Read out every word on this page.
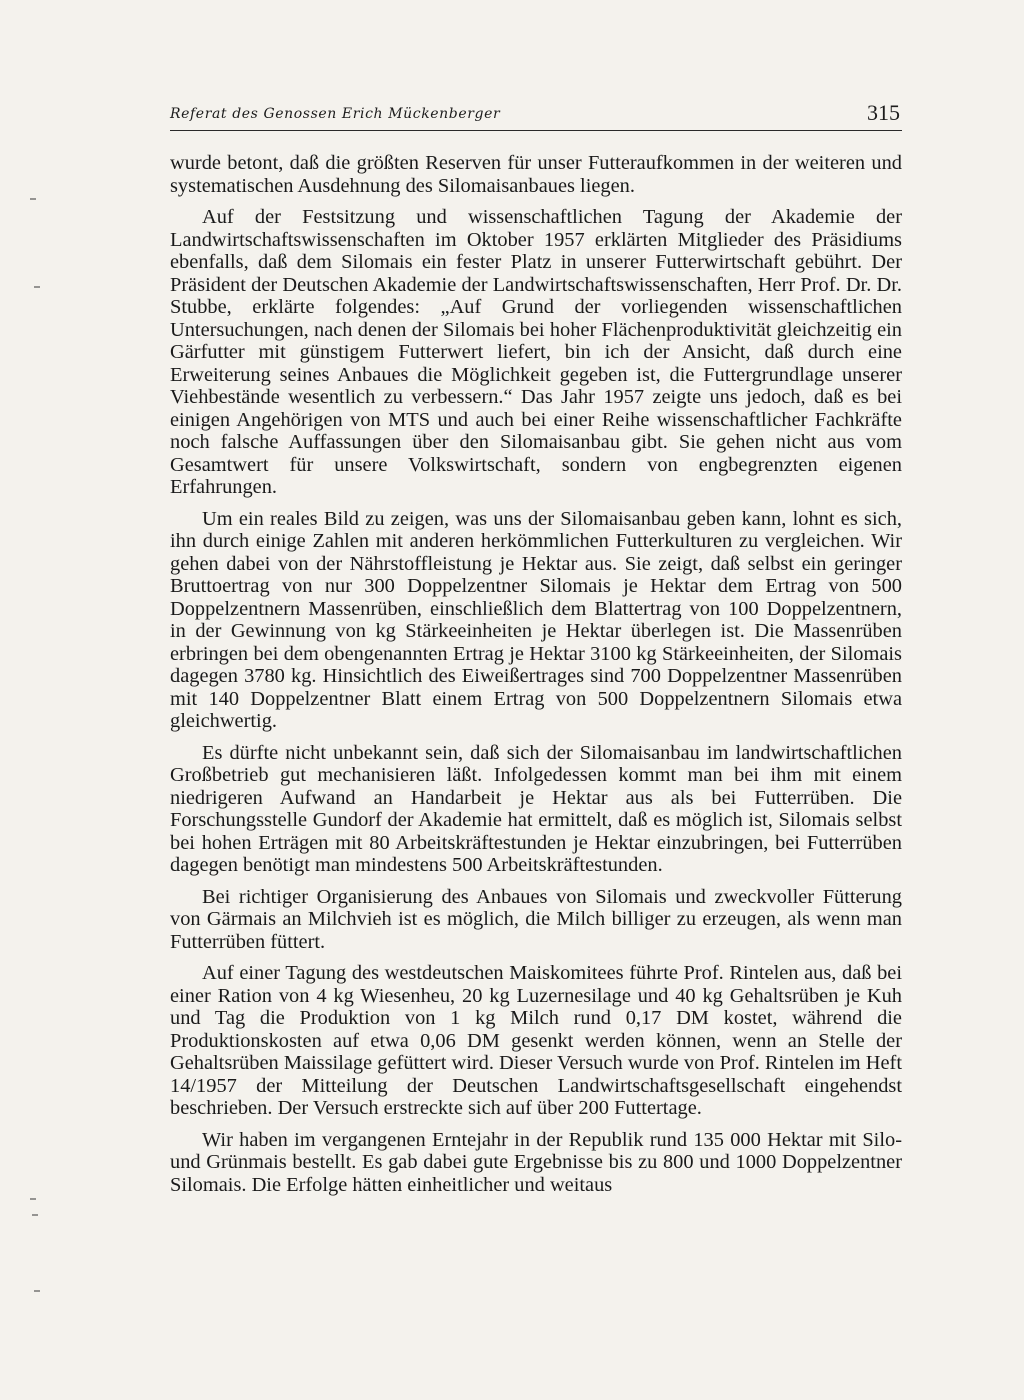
Referat des Genossen Erich Mückenberger	315

wurde betont, daß die größten Reserven für unser Futteraufkommen in der weiteren und systematischen Ausdehnung des Silomaisanbaues liegen.

Auf der Festsitzung und wissenschaftlichen Tagung der Akademie der Landwirtschaftswissenschaften im Oktober 1957 erklärten Mitglieder des Präsidiums ebenfalls, daß dem Silomais ein fester Platz in unserer Futterwirtschaft gebührt. Der Präsident der Deutschen Akademie der Landwirtschaftswissenschaften, Herr Prof. Dr. Dr. Stubbe, erklärte folgendes: „Auf Grund der vorliegenden wissenschaftlichen Untersuchungen, nach denen der Silomais bei hoher Flächenproduktivität gleichzeitig ein Gärfutter mit günstigem Futterwert liefert, bin ich der Ansicht, daß durch eine Erweiterung seines Anbaues die Möglichkeit gegeben ist, die Futtergrundlage unserer Viehbestände wesentlich zu verbessern.“ Das Jahr 1957 zeigte uns jedoch, daß es bei einigen Angehörigen von MTS und auch bei einer Reihe wissenschaftlicher Fachkräfte noch falsche Auffassungen über den Silomaisanbau gibt. Sie gehen nicht aus vom Gesamtwert für unsere Volkswirtschaft, sondern von engbegrenzten eigenen Erfahrungen.

Um ein reales Bild zu zeigen, was uns der Silomaisanbau geben kann, lohnt es sich, ihn durch einige Zahlen mit anderen herkömmlichen Futterkulturen zu vergleichen. Wir gehen dabei von der Nährstoffleistung je Hektar aus. Sie zeigt, daß selbst ein geringer Bruttoertrag von nur 300 Doppelzentner Silomais je Hektar dem Ertrag von 500 Doppelzentnern Massenrüben, einschließlich dem Blattertrag von 100 Doppelzentnern, in der Gewinnung von kg Stärkeeinheiten je Hektar überlegen ist. Die Massenrüben erbringen bei dem obengenannten Ertrag je Hektar 3100 kg Stärkeeinheiten, der Silomais dagegen 3780 kg. Hinsichtlich des Eiweißertrages sind 700 Doppelzentner Massenrüben mit 140 Doppelzentner Blatt einem Ertrag von 500 Doppelzentnern Silomais etwa gleichwertig.

Es dürfte nicht unbekannt sein, daß sich der Silomaisanbau im landwirtschaftlichen Großbetrieb gut mechanisieren läßt. Infolgedessen kommt man bei ihm mit einem niedrigeren Aufwand an Handarbeit je Hektar aus als bei Futterrüben. Die Forschungsstelle Gundorf der Akademie hat ermittelt, daß es möglich ist, Silomais selbst bei hohen Erträgen mit 80 Arbeitskräftestunden je Hektar einzubringen, bei Futterrüben dagegen benötigt man mindestens 500 Arbeitskräftestunden.

Bei richtiger Organisierung des Anbaues von Silomais und zweckvoller Fütterung von Gärmais an Milchvieh ist es möglich, die Milch billiger zu erzeugen, als wenn man Futterrüben füttert.

Auf einer Tagung des westdeutschen Maiskomitees führte Prof. Rintelen aus, daß bei einer Ration von 4 kg Wiesenheu, 20 kg Luzernesilage und 40 kg Gehaltsrüben je Kuh und Tag die Produktion von 1 kg Milch rund 0,17 DM kostet, während die Produktionskosten auf etwa 0,06 DM gesenkt werden können, wenn an Stelle der Gehaltsrüben Maissilage gefüttert wird. Dieser Versuch wurde von Prof. Rintelen im Heft 14/1957 der Mitteilung der Deutschen Landwirtschaftsgesellschaft eingehendst beschrieben. Der Versuch erstreckte sich auf über 200 Futtertage.

Wir haben im vergangenen Erntejahr in der Republik rund 135 000 Hektar mit Silo- und Grünmais bestellt. Es gab dabei gute Ergebnisse bis zu 800 und 1000 Doppelzentner Silomais. Die Erfolge hätten einheitlicher und weitaus
